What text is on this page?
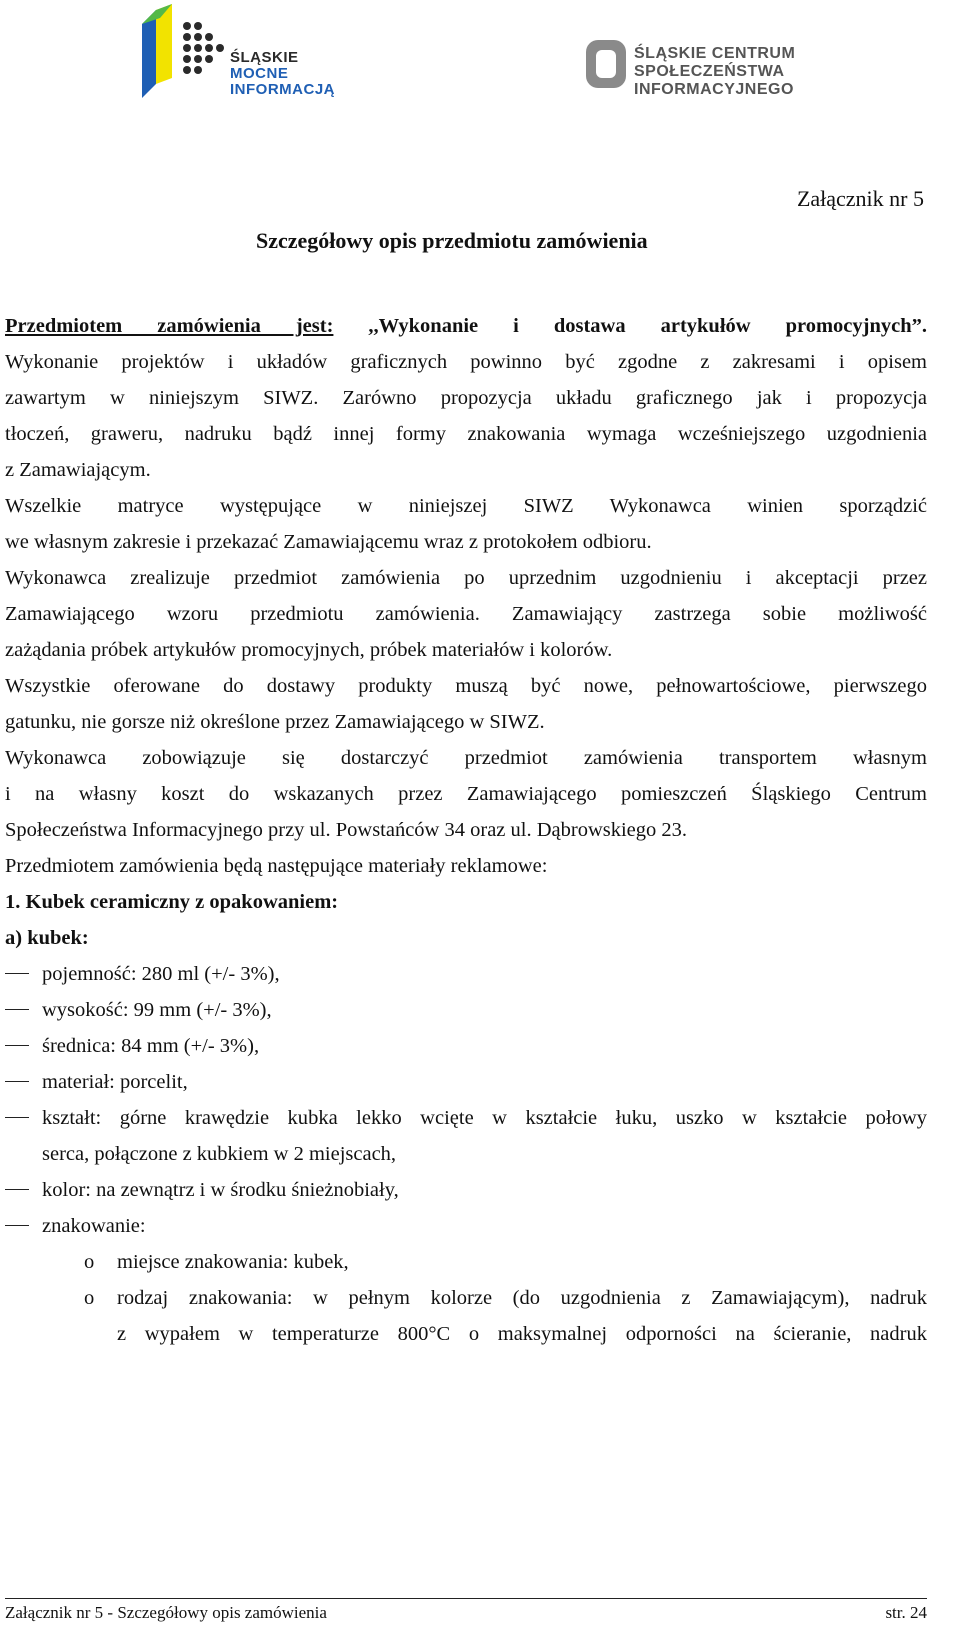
ŚLĄSKIE
MOCNE
INFORMACJĄ
ŚLĄSKIE CENTRUM
SPOŁECZEŃSTWA
INFORMACYJNEGO

Załącznik nr 5

Szczegółowy opis przedmiotu zamówienia

Przedmiotem zamówienia jest: ,,Wykonanie i dostawa artykułów promocyjnych”.

Wykonanie projektów i układów graficznych powinno być zgodne z zakresami i opisem

zawartym w niniejszym SIWZ. Zarówno propozycja układu graficznego jak i propozycja

tłoczeń, graweru, nadruku bądź innej formy znakowania wymaga wcześniejszego uzgodnienia

z Zamawiającym.

Wszelkie matryce występujące w niniejszej SIWZ Wykonawca winien sporządzić

we własnym zakresie i przekazać Zamawiającemu wraz z protokołem odbioru.

Wykonawca zrealizuje przedmiot zamówienia po uprzednim uzgodnieniu i akceptacji przez

Zamawiającego wzoru przedmiotu zamówienia. Zamawiający zastrzega sobie możliwość

zażądania próbek artykułów promocyjnych, próbek materiałów i kolorów.

Wszystkie oferowane do dostawy produkty muszą być nowe, pełnowartościowe, pierwszego

gatunku, nie gorsze niż określone przez Zamawiającego w SIWZ.

Wykonawca zobowiązuje się dostarczyć przedmiot zamówienia transportem własnym

i na własny koszt do wskazanych przez Zamawiającego pomieszczeń Śląskiego Centrum

Społeczeństwa Informacyjnego przy ul. Powstańców 34 oraz ul. Dąbrowskiego 23.

Przedmiotem zamówienia będą następujące materiały reklamowe:

1. Kubek ceramiczny z opakowaniem:

a) kubek:

pojemność: 280 ml (+/- 3%),
wysokość: 99 mm (+/- 3%),
średnica: 84 mm (+/- 3%),
materiał: porcelit,
kształt: górne krawędzie kubka lekko wcięte w kształcie łuku, uszko w kształcie połowy
serca, połączone z kubkiem w 2 miejscach,
kolor: na zewnątrz i w środku śnieżnobiały,
znakowanie:
o miejsce znakowania: kubek,
o rodzaj znakowania: w pełnym kolorze (do uzgodnienia z Zamawiającym), nadruk
z wypałem w temperaturze 800°C o maksymalnej odporności na ścieranie, nadruk
Załącznik nr 5 - Szczegółowy opis zamówienia	str. 24
